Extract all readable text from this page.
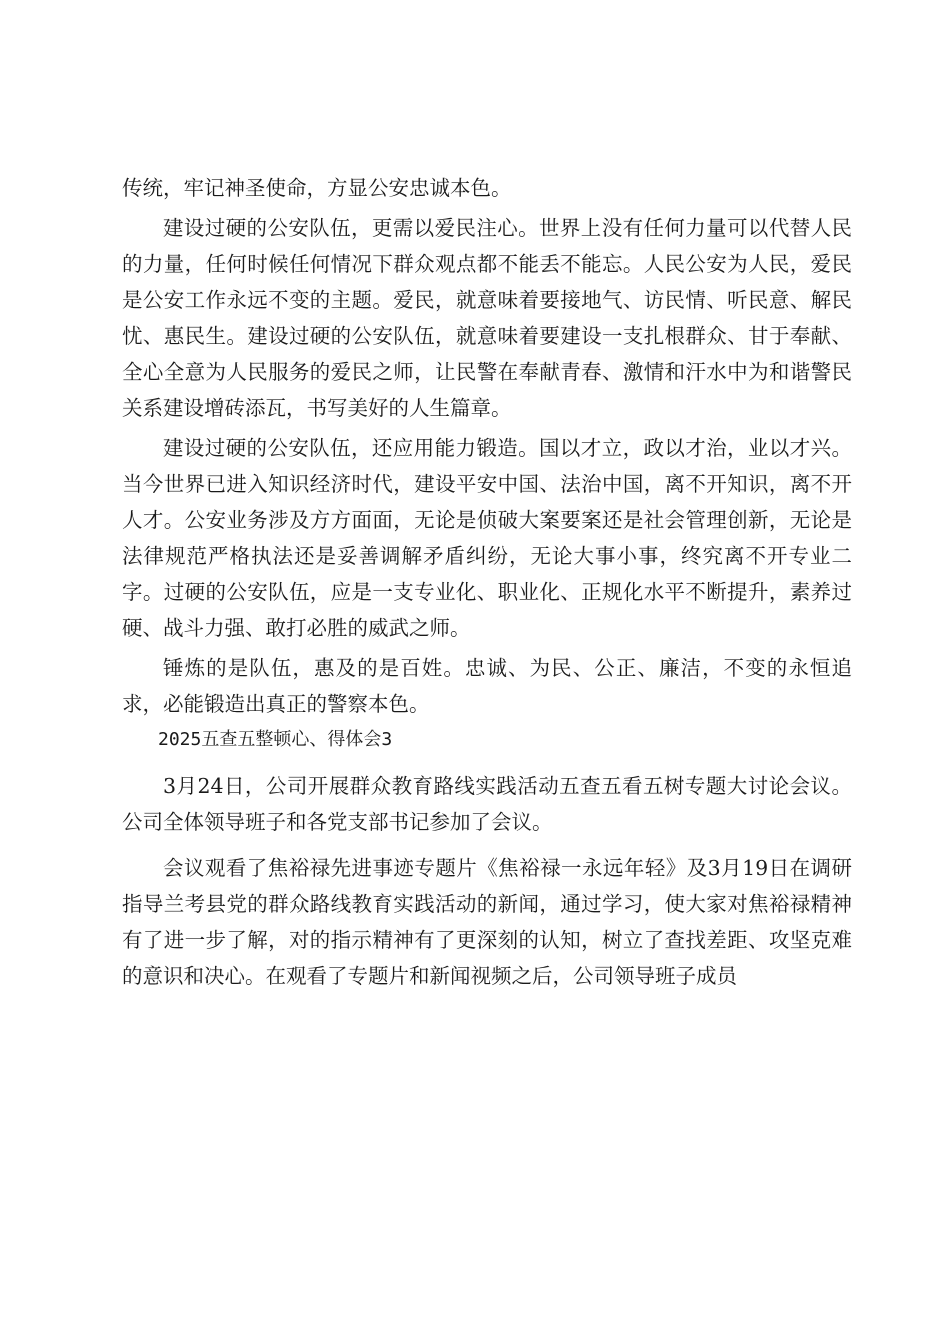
传统，牢记神圣使命，方显公安忠诚本色。

建设过硬的公安队伍，更需以爱民注心。世界上没有任何力量可以代替人民的力量，任何时候任何情况下群众观点都不能丢不能忘。人民公安为人民，爱民是公安工作永远不变的主题。爱民，就意味着要接地气、访民情、听民意、解民忧、惠民生。建设过硬的公安队伍，就意味着要建设一支扎根群众、甘于奉献、全心全意为人民服务的爱民之师，让民警在奉献青春、激情和汗水中为和谐警民关系建设增砖添瓦，书写美好的人生篇章。

建设过硬的公安队伍，还应用能力锻造。国以才立，政以才治，业以才兴。当今世界已进入知识经济时代，建设平安中国、法治中国，离不开知识，离不开人才。公安业务涉及方方面面，无论是侦破大案要案还是社会管理创新，无论是法律规范严格执法还是妥善调解矛盾纠纷，无论大事小事，终究离不开专业二字。过硬的公安队伍，应是一支专业化、职业化、正规化水平不断提升，素养过硬、战斗力强、敢打必胜的威武之师。

锤炼的是队伍，惠及的是百姓。忠诚、为民、公正、廉洁，不变的永恒追求，必能锻造出真正的警察本色。

2025五查五整顿心、得体会3

3月24日，公司开展群众教育路线实践活动五查五看五树专题大讨论会议。公司全体领导班子和各党支部书记参加了会议。

会议观看了焦裕禄先进事迹专题片《焦裕禄一永远年轻》及3月19日在调研指导兰考县党的群众路线教育实践活动的新闻，通过学习，使大家对焦裕禄精神有了进一步了解，对的指示精神有了更深刻的认知，树立了查找差距、攻坚克难的意识和决心。在观看了专题片和新闻视频之后，公司领导班子成员
